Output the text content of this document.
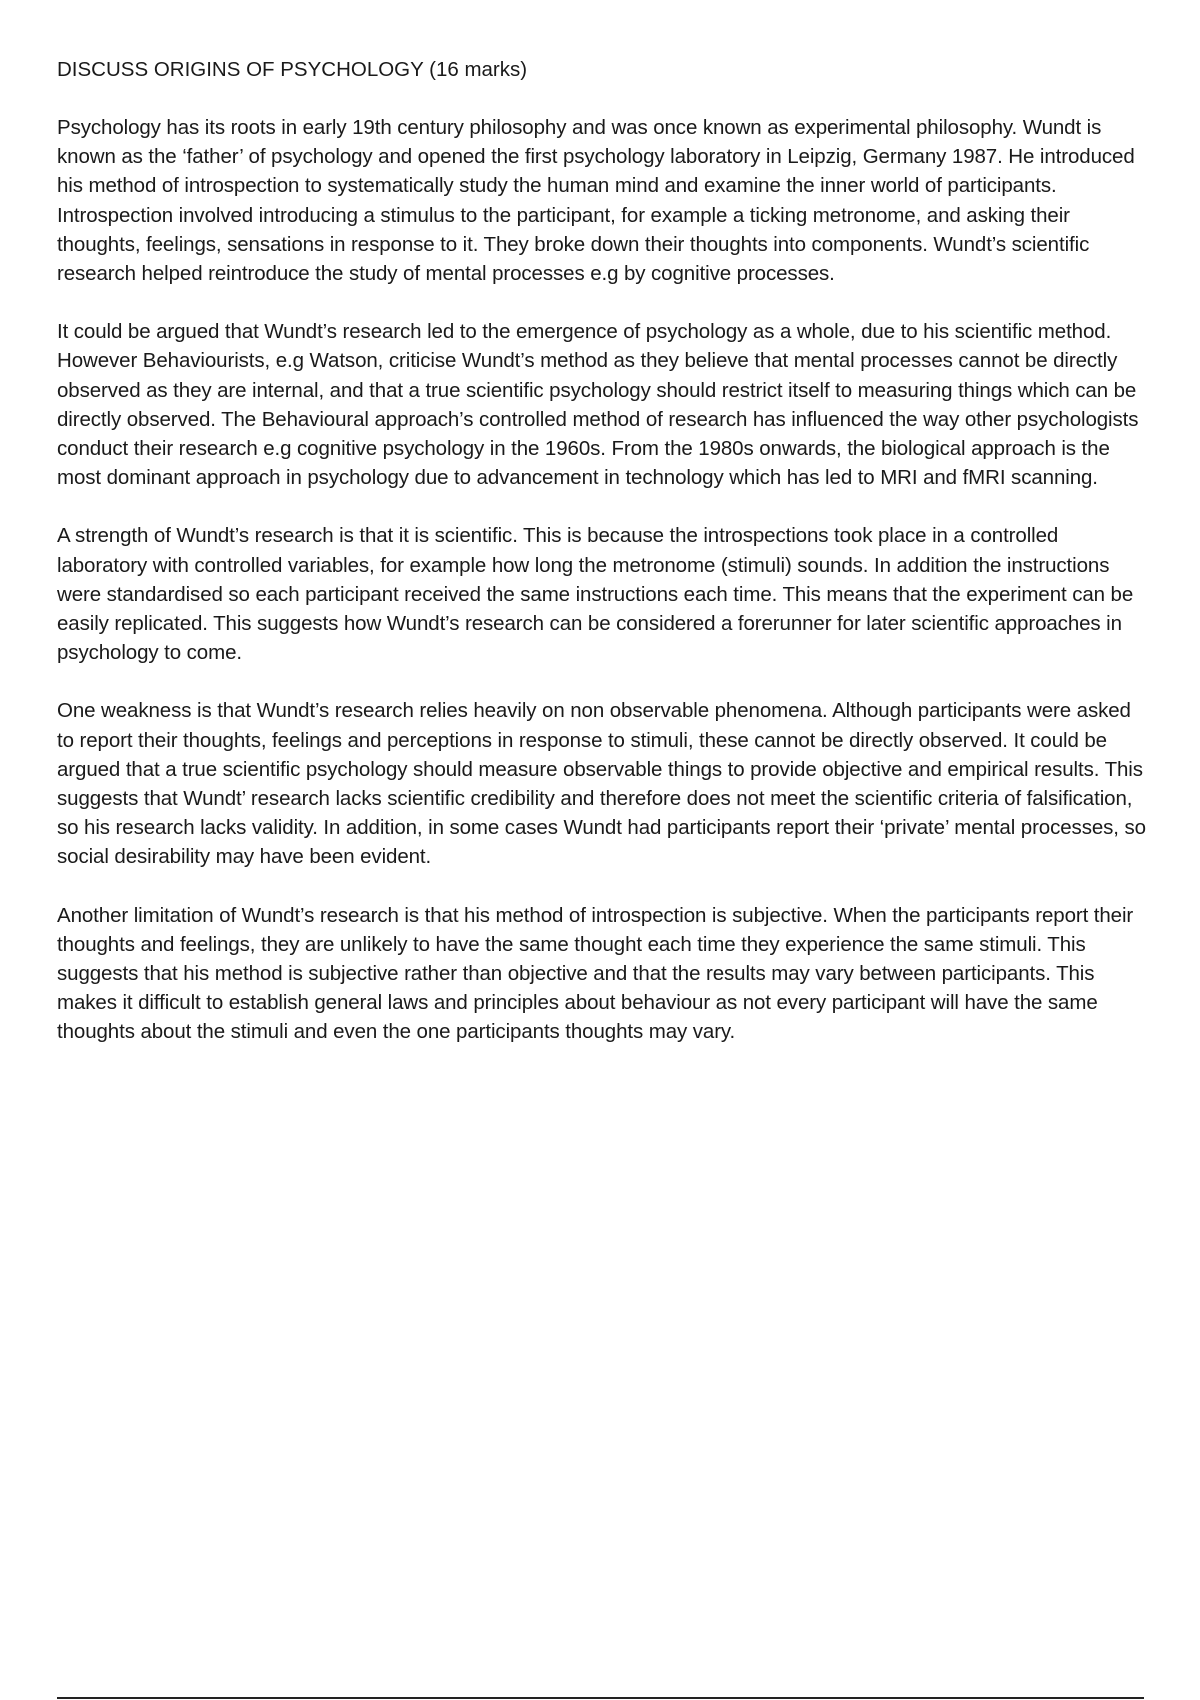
DISCUSS ORIGINS OF PSYCHOLOGY (16 marks)

Psychology has its roots in early 19th century philosophy and was once known as experimental philosophy. Wundt is known as the ‘father’ of psychology and opened the first psychology laboratory in Leipzig, Germany 1987. He introduced his method of introspection to systematically study the human mind and examine the inner world of participants. Introspection involved introducing a stimulus to the participant, for example a ticking metronome, and asking their thoughts, feelings, sensations in response to it. They broke down their thoughts into components. Wundt’s scientific research helped reintroduce the study of mental processes e.g by cognitive processes.

It could be argued that Wundt’s research led to the emergence of psychology as a whole, due to his scientific method. However Behaviourists, e.g Watson, criticise Wundt’s method as they believe that mental processes cannot be directly observed as they are internal, and that a true scientific psychology should restrict itself to measuring things which can be directly observed. The Behavioural approach’s controlled method of research has influenced the way other psychologists conduct their research e.g cognitive psychology in the 1960s. From the 1980s onwards, the biological approach is the most dominant approach in psychology due to advancement in technology which has led to MRI and fMRI scanning.

A strength of Wundt’s research is that it is scientific. This is because the introspections took place in a controlled laboratory with controlled variables, for example how long the metronome (stimuli) sounds. In addition the instructions were standardised so each participant received the same instructions each time. This means that the experiment can be easily replicated. This suggests how Wundt’s research can be considered a forerunner for later scientific approaches in psychology to come.

One weakness is that Wundt’s research relies heavily on non observable phenomena. Although participants were asked to report their thoughts, feelings and perceptions in response to stimuli, these cannot be directly observed. It could be argued that a true scientific psychology should measure observable things to provide objective and empirical results. This suggests that Wundt’ research lacks scientific credibility and therefore does not meet the scientific criteria of falsification, so his research lacks validity. In addition, in some cases Wundt had participants report their ‘private’ mental processes, so social desirability may have been evident.

Another limitation of Wundt’s research is that his method of introspection is subjective. When the participants report their thoughts and feelings, they are unlikely to have the same thought each time they experience the same stimuli. This suggests that his method is subjective rather than objective and that the results may vary between participants. This makes it difficult to establish general laws and principles about behaviour as not every participant will have the same thoughts about the stimuli and even the one participants thoughts may vary.
